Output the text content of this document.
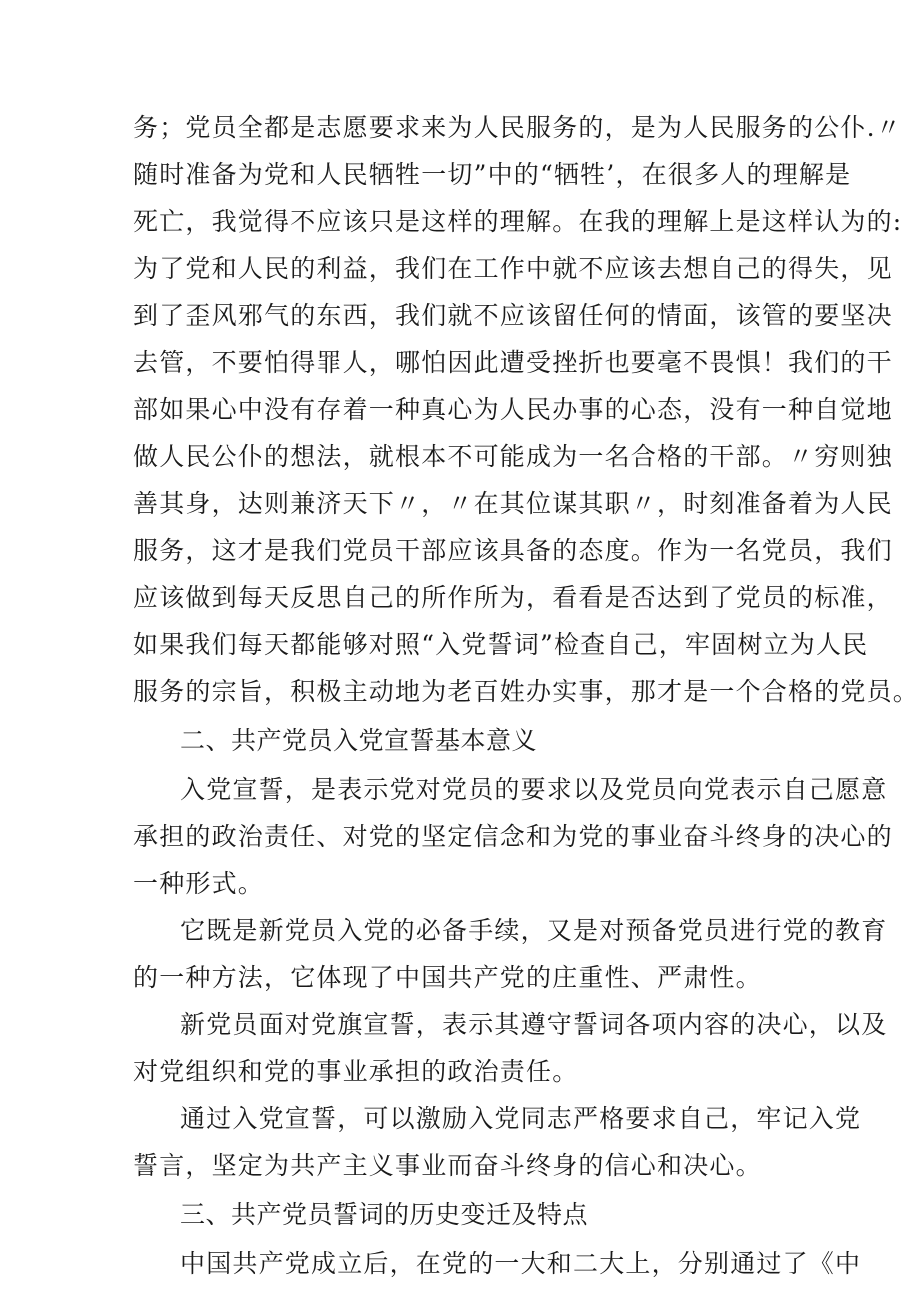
务；党员全都是志愿要求来为人民服务的，是为人民服务的公仆.〃
随时准备为党和人民牺牲一切”中的“牺牲’，在很多人的理解是
死亡，我觉得不应该只是这样的理解。在我的理解上是这样认为的:
为了党和人民的利益，我们在工作中就不应该去想自己的得失，见
到了歪风邪气的东西，我们就不应该留任何的情面，该管的要坚决
去管，不要怕得罪人，哪怕因此遭受挫折也要毫不畏惧！我们的干
部如果心中没有存着一种真心为人民办事的心态，没有一种自觉地
做人民公仆的想法，就根本不可能成为一名合格的干部。〃穷则独
善其身，达则兼济天下〃，〃在其位谋其职〃，时刻准备着为人民
服务，这才是我们党员干部应该具备的态度。作为一名党员，我们
应该做到每天反思自己的所作所为，看看是否达到了党员的标准，
如果我们每天都能够对照“入党誓词”检查自己，牢固树立为人民
服务的宗旨，积极主动地为老百姓办实事，那才是一个合格的党员。
二、共产党员入党宣誓基本意义
入党宣誓，是表示党对党员的要求以及党员向党表示自己愿意
承担的政治责任、对党的坚定信念和为党的事业奋斗终身的决心的
一种形式。
它既是新党员入党的必备手续，又是对预备党员进行党的教育
的一种方法，它体现了中国共产党的庄重性、严肃性。
新党员面对党旗宣誓，表示其遵守誓词各项内容的决心，以及
对党组织和党的事业承担的政治责任。
通过入党宣誓，可以激励入党同志严格要求自己，牢记入党
誓言，坚定为共产主义事业而奋斗终身的信心和决心。
三、共产党员誓词的历史变迁及特点
中国共产党成立后，在党的一大和二大上，分别通过了《中
